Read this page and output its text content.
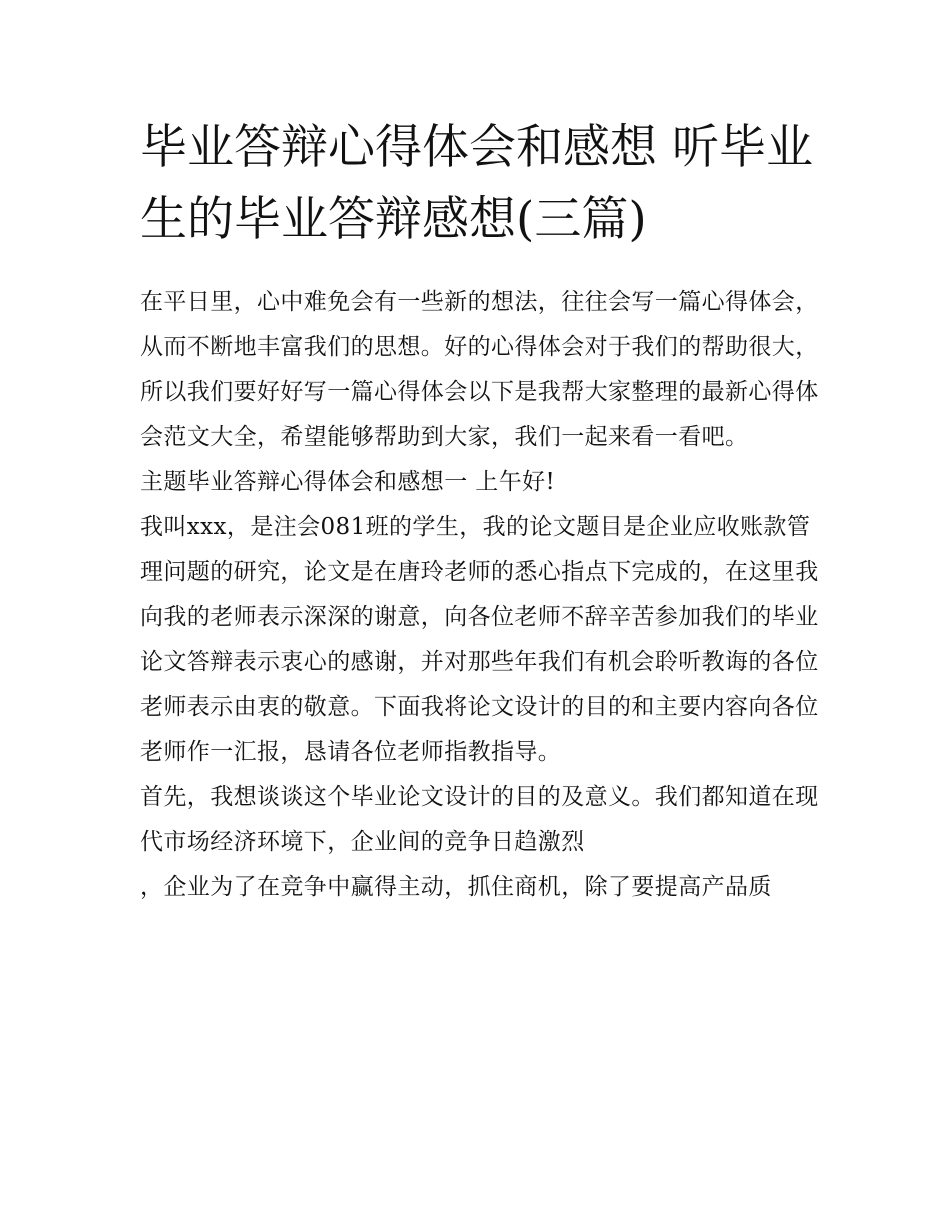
毕业答辩心得体会和感想 听毕业生的毕业答辩感想(三篇)

在平日里，心中难免会有一些新的想法，往往会写一篇心得体会，从而不断地丰富我们的思想。好的心得体会对于我们的帮助很大，所以我们要好好写一篇心得体会以下是我帮大家整理的最新心得体会范文大全，希望能够帮助到大家，我们一起来看一看吧。

主题毕业答辩心得体会和感想一 上午好!

我叫xxx，是注会081班的学生，我的论文题目是企业应收账款管理问题的研究，论文是在唐玲老师的悉心指点下完成的，在这里我向我的老师表示深深的谢意，向各位老师不辞辛苦参加我们的毕业论文答辩表示衷心的感谢，并对那些年我们有机会聆听教诲的各位老师表示由衷的敬意。下面我将论文设计的目的和主要内容向各位老师作一汇报，恳请各位老师指教指导。

首先，我想谈谈这个毕业论文设计的目的及意义。我们都知道在现代市场经济环境下，企业间的竞争日趋激烈

，企业为了在竞争中赢得主动，抓住商机，除了要提高产品质
